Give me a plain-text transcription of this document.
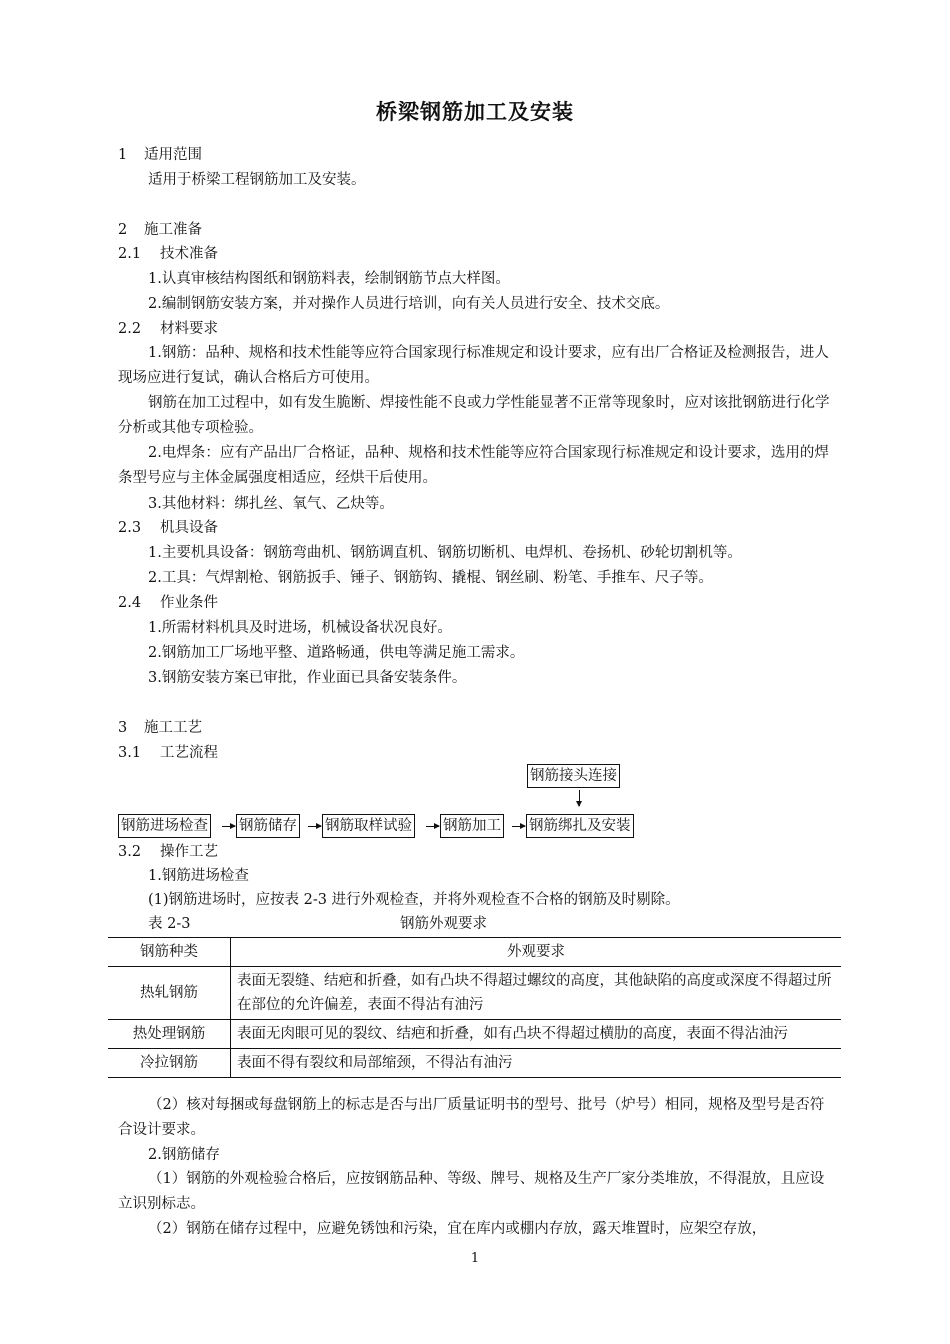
桥梁钢筋加工及安装
1 适用范围
适用于桥梁工程钢筋加工及安装。
2 施工准备
2.1 技术准备
1.认真审核结构图纸和钢筋料表，绘制钢筋节点大样图。
2.编制钢筋安装方案，并对操作人员进行培训，向有关人员进行安全、技术交底。
2.2 材料要求
1.钢筋：品种、规格和技术性能等应符合国家现行标准规定和设计要求，应有出厂合格证及检测报告，进人现场应进行复试，确认合格后方可使用。
钢筋在加工过程中，如有发生脆断、焊接性能不良或力学性能显著不正常等现象时，应对该批钢筋进行化学分析或其他专项检验。
2.电焊条：应有产品出厂合格证，品种、规格和技术性能等应符合国家现行标准规定和设计要求，选用的焊条型号应与主体金属强度相适应，经烘干后使用。
3.其他材料：绑扎丝、氧气、乙炔等。
2.3 机具设备
1.主要机具设备：钢筋弯曲机、钢筋调直机、钢筋切断机、电焊机、卷扬机、砂轮切割机等。
2.工具：气焊割枪、钢筋扳手、锤子、钢筋钩、撬棍、钢丝刷、粉笔、手推车、尺子等。
2.4 作业条件
1.所需材料机具及时进场，机械设备状况良好。
2.钢筋加工厂场地平整、道路畅通，供电等满足施工需求。
3.钢筋安装方案已审批，作业面已具备安装条件。
3 施工工艺
3.1 工艺流程
钢筋接头连接
钢筋进场检查 钢筋储存 钢筋取样试验 钢筋加工 钢筋绑扎及安装
3.2 操作工艺
1.钢筋进场检查
(1)钢筋进场时，应按表 2-3 进行外观检查，并将外观检查不合格的钢筋及时剔除。
表 2-3	钢筋外观要求
钢筋种类	外观要求
热轧钢筋	表面无裂缝、结疤和折叠，如有凸块不得超过螺纹的高度，其他缺陷的高度或深度不得超过所在部位的允许偏差，表面不得沾有油污
热处理钢筋	表面无肉眼可见的裂纹、结疤和折叠，如有凸块不得超过横肋的高度，表面不得沾油污
冷拉钢筋	表面不得有裂纹和局部缩颈，不得沾有油污
（2）核对每捆或每盘钢筋上的标志是否与出厂质量证明书的型号、批号（炉号）相同，规格及型号是否符合设计要求。
2.钢筋储存
（1）钢筋的外观检验合格后，应按钢筋品种、等级、牌号、规格及生产厂家分类堆放，不得混放，且应设立识别标志。
（2）钢筋在储存过程中，应避免锈蚀和污染，宜在库内或棚内存放，露天堆置时，应架空存放，
1
